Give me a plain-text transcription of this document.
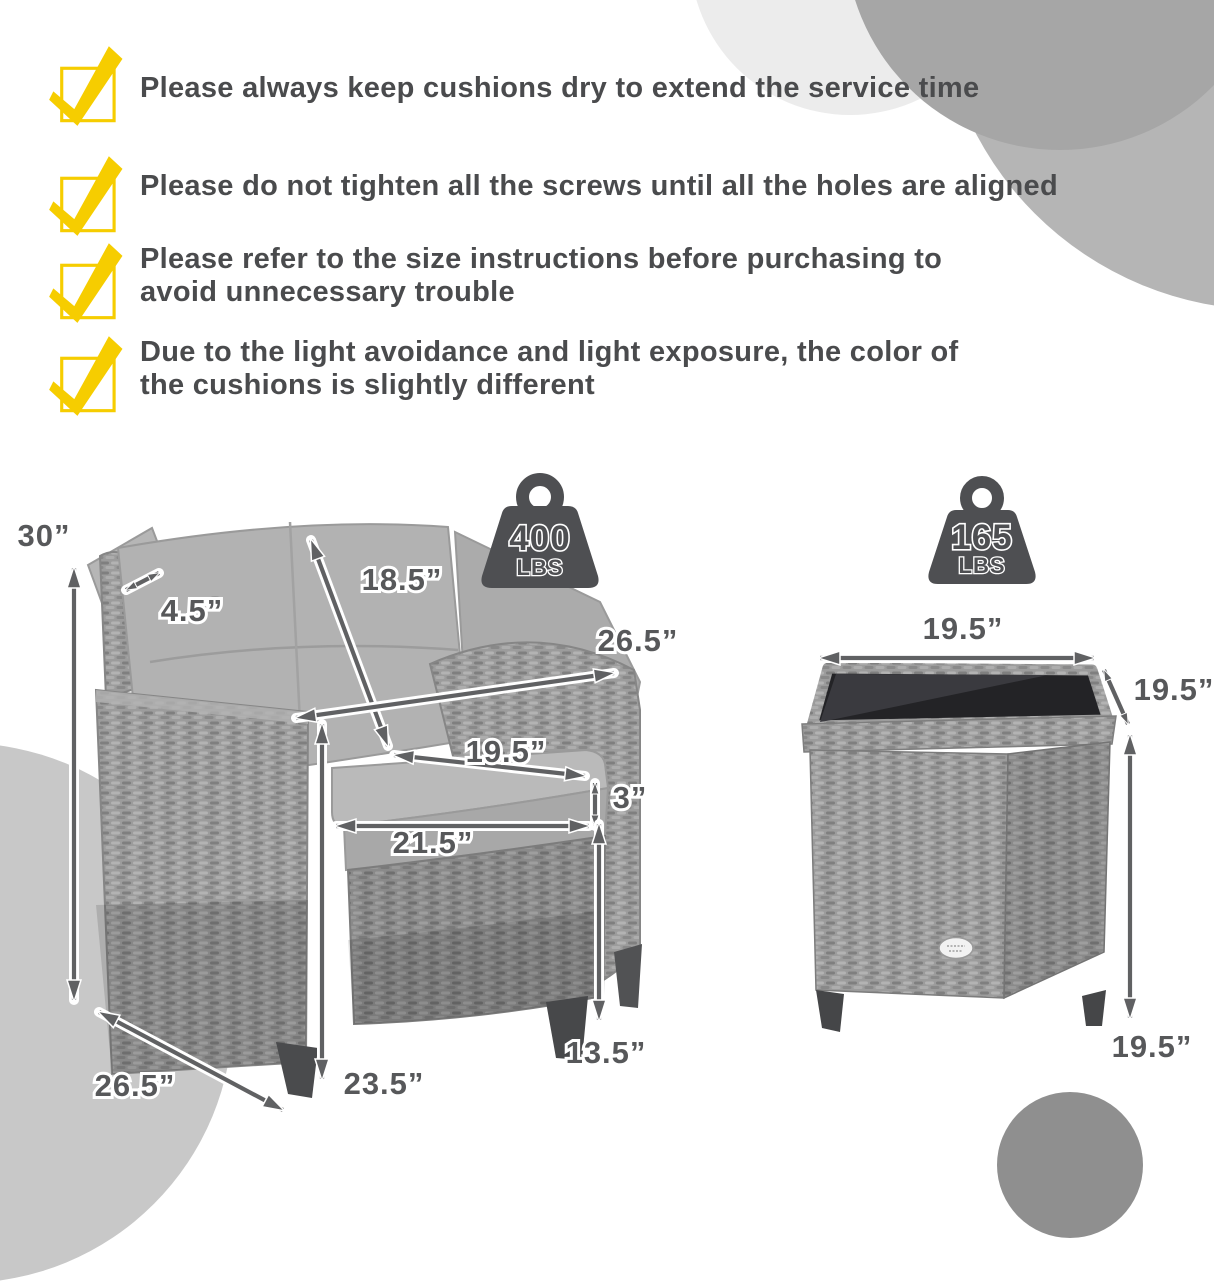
Please always keep cushions dry to extend the service time
Please do not tighten all the screws until all the holes are aligned
Please refer to the size instructions before purchasing to
avoid unnecessary trouble
Due to the light avoidance and light exposure, the color of
the cushions is slightly different
400
LBS
165
LBS
30”
4.5”
18.5”
26.5”
19.5”
3”
21.5”
23.5”
13.5”
26.5”
19.5”
19.5”
19.5”
